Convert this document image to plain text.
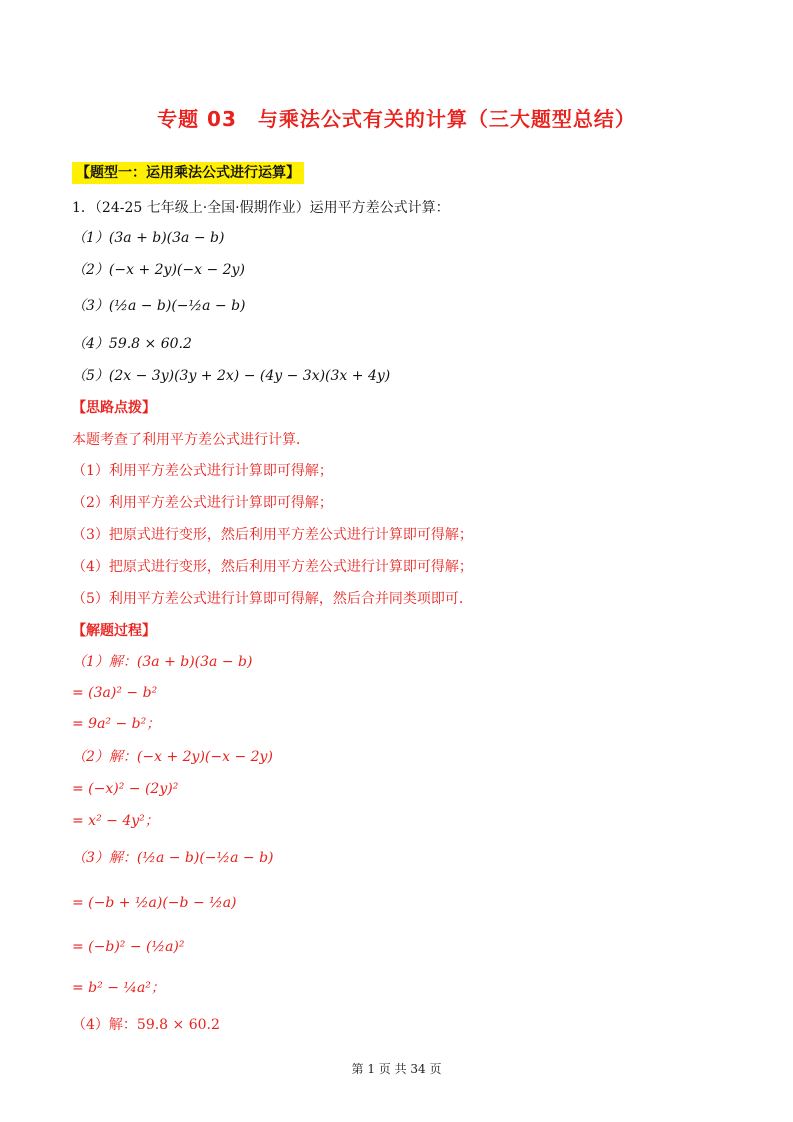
专题 03　与乘法公式有关的计算（三大题型总结）
【题型一：运用乘法公式进行运算】
1．（24-25 七年级上·全国·假期作业）运用平方差公式计算：
（1）(3a + b)(3a − b)
（2）(−x + 2y)(−x − 2y)
（3）(½a − b)(−½a − b)
（4）59.8 × 60.2
（5）(2x − 3y)(3y + 2x) − (4y − 3x)(3x + 4y)
【思路点拨】
本题考查了利用平方差公式进行计算．
（1）利用平方差公式进行计算即可得解；
（2）利用平方差公式进行计算即可得解；
（3）把原式进行变形，然后利用平方差公式进行计算即可得解；
（4）把原式进行变形，然后利用平方差公式进行计算即可得解；
（5）利用平方差公式进行计算即可得解，然后合并同类项即可．
【解题过程】
（1）解：(3a + b)(3a − b)
= (3a)² − b²
= 9a² − b²；
（2）解：(−x + 2y)(−x − 2y)
= (−x)² − (2y)²
= x² − 4y²；
（3）解：(½a − b)(−½a − b)
= (−b + ½a)(−b − ½a)
= (−b)² − (½a)²
= b² − ¼a²；
（4）解：59.8 × 60.2
第 1 页 共 34 页
